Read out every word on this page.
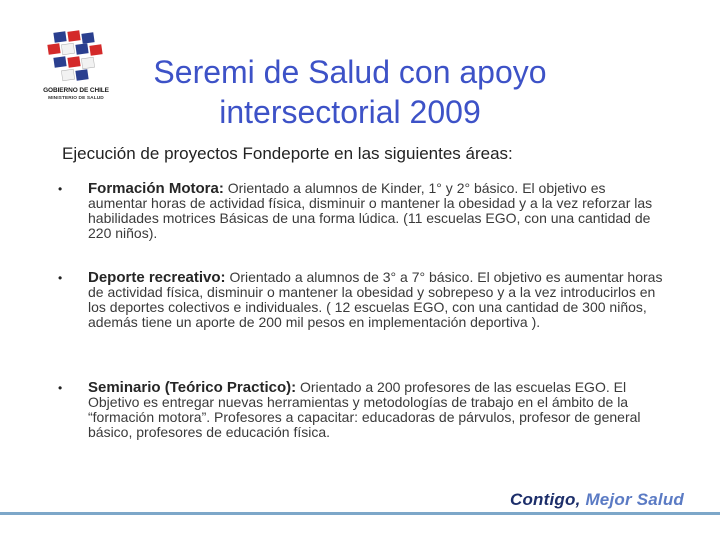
GOBIERNO DE CHILE
MINISTERIO DE SALUD
Seremi de Salud con apoyo intersectorial 2009
Ejecución de proyectos Fondeporte en las siguientes áreas:
• Formación Motora: Orientado a alumnos de Kinder, 1° y 2° básico. El objetivo es aumentar horas de actividad física, disminuir o mantener la obesidad y a la vez reforzar las habilidades motrices Básicas de una forma lúdica. (11 escuelas EGO, con una cantidad de 220 niños).
• Deporte recreativo: Orientado a alumnos de 3° a 7° básico. El objetivo es aumentar horas de actividad física, disminuir o mantener la obesidad y sobrepeso y a la vez introducirlos en los deportes colectivos e individuales. ( 12 escuelas EGO, con una cantidad de 300 niños, además tiene un aporte de 200 mil pesos en implementación deportiva ).
• Seminario (Teórico Practico): Orientado a 200 profesores de las escuelas EGO. El Objetivo es entregar nuevas herramientas y metodologías de trabajo en el ámbito de la “formación motora”. Profesores a capacitar: educadoras de párvulos, profesor de general básico, profesores de educación física.
Contigo, Mejor Salud
